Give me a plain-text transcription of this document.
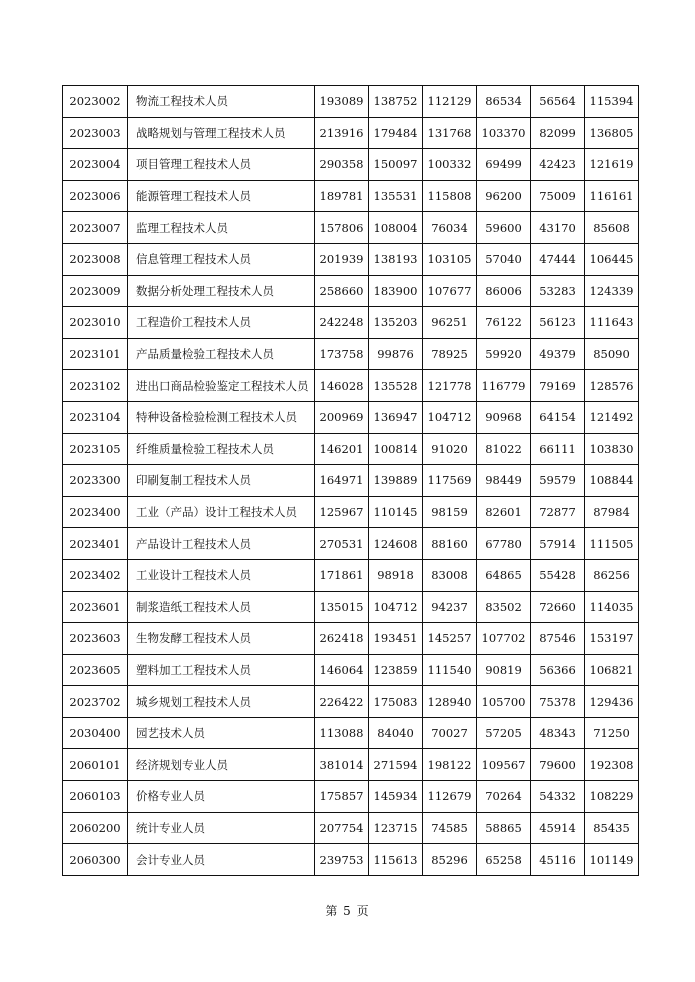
2023002	物流工程技术人员	193089	138752	112129	86534	56564	115394
2023003	战略规划与管理工程技术人员	213916	179484	131768	103370	82099	136805
2023004	项目管理工程技术人员	290358	150097	100332	69499	42423	121619
2023006	能源管理工程技术人员	189781	135531	115808	96200	75009	116161
2023007	监理工程技术人员	157806	108004	76034	59600	43170	85608
2023008	信息管理工程技术人员	201939	138193	103105	57040	47444	106445
2023009	数据分析处理工程技术人员	258660	183900	107677	86006	53283	124339
2023010	工程造价工程技术人员	242248	135203	96251	76122	56123	111643
2023101	产品质量检验工程技术人员	173758	99876	78925	59920	49379	85090
2023102	进出口商品检验鉴定工程技术人员	146028	135528	121778	116779	79169	128576
2023104	特种设备检验检测工程技术人员	200969	136947	104712	90968	64154	121492
2023105	纤维质量检验工程技术人员	146201	100814	91020	81022	66111	103830
2023300	印刷复制工程技术人员	164971	139889	117569	98449	59579	108844
2023400	工业（产品）设计工程技术人员	125967	110145	98159	82601	72877	87984
2023401	产品设计工程技术人员	270531	124608	88160	67780	57914	111505
2023402	工业设计工程技术人员	171861	98918	83008	64865	55428	86256
2023601	制浆造纸工程技术人员	135015	104712	94237	83502	72660	114035
2023603	生物发酵工程技术人员	262418	193451	145257	107702	87546	153197
2023605	塑料加工工程技术人员	146064	123859	111540	90819	56366	106821
2023702	城乡规划工程技术人员	226422	175083	128940	105700	75378	129436
2030400	园艺技术人员	113088	84040	70027	57205	48343	71250
2060101	经济规划专业人员	381014	271594	198122	109567	79600	192308
2060103	价格专业人员	175857	145934	112679	70264	54332	108229
2060200	统计专业人员	207754	123715	74585	58865	45914	85435
2060300	会计专业人员	239753	115613	85296	65258	45116	101149
第 5 页
